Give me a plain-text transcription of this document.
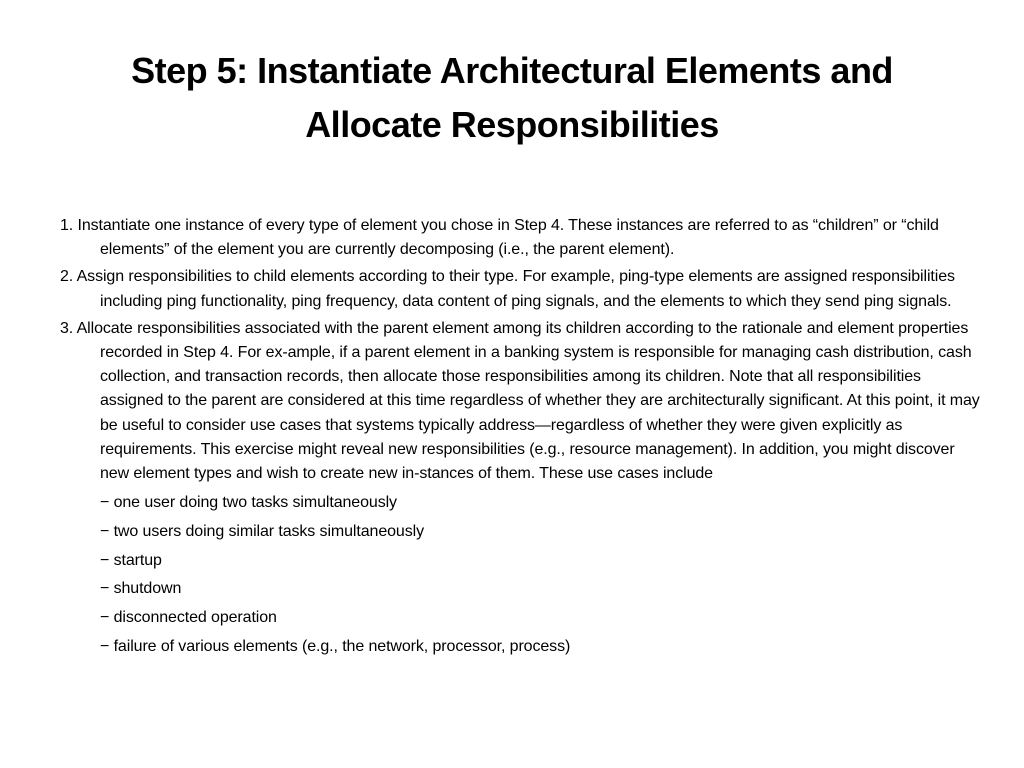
Step 5: Instantiate Architectural Elements and
Allocate Responsibilities

1. Instantiate one instance of every type of element you chose in Step 4. These instances are referred to as “children” or “child elements” of the element you are currently decomposing (i.e., the parent element).

2. Assign responsibilities to child elements according to their type. For example, ping-type elements are assigned responsibilities including ping functionality, ping frequency, data content of ping signals, and the elements to which they send ping signals.

3. Allocate responsibilities associated with the parent element among its children according to the rationale and element properties recorded in Step 4. For ex-ample, if a parent element in a banking system is responsible for managing cash distribution, cash collection, and transaction records, then allocate those responsibilities among its children. Note that all responsibilities assigned to the parent are considered at this time regardless of whether they are architecturally significant. At this point, it may be useful to consider use cases that systems typically address—regardless of whether they were given explicitly as requirements. This exercise might reveal new responsibilities (e.g., resource management). In addition, you might discover new element types and wish to create new in-stances of them. These use cases include

− one user doing two tasks simultaneously

− two users doing similar tasks simultaneously

− startup

− shutdown

− disconnected operation

− failure of various elements (e.g., the network, processor, process)
